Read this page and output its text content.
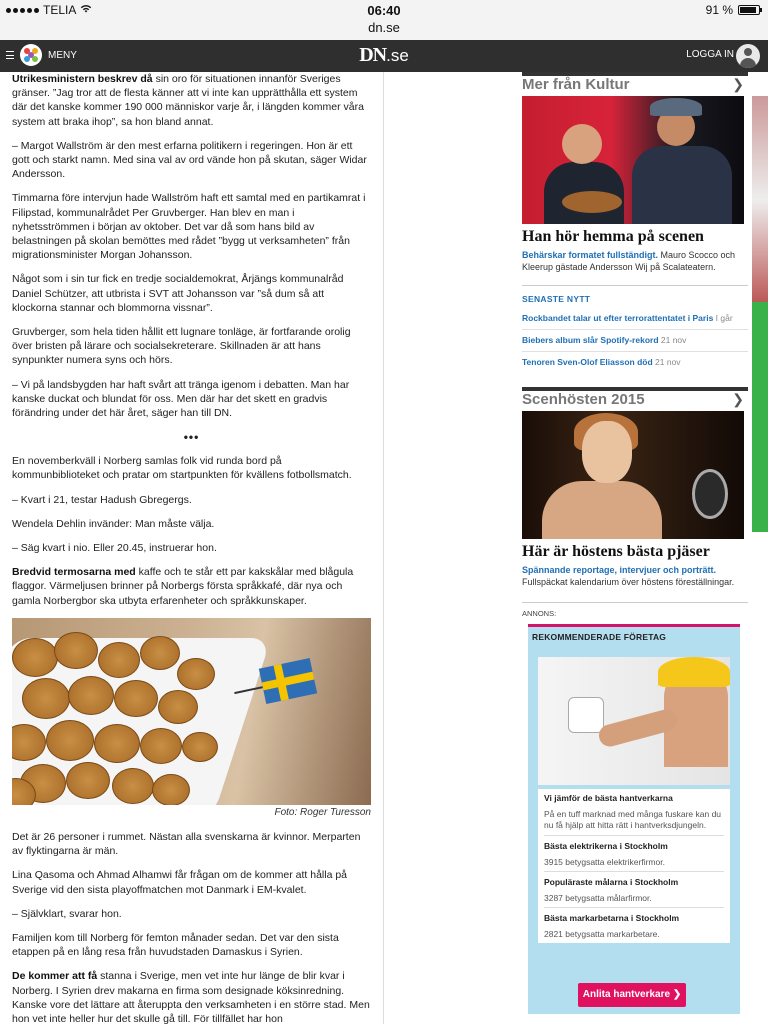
TELIA	06:40
dn.se
91 %
MENY	DN.se	LOGGA IN

Utrikesministern beskrev då sin oro för situationen innanför Sveriges gränser. ”Jag tror att de flesta känner att vi inte kan upprätthålla ett system där det kanske kommer 190 000 människor varje år, i längden kommer våra system att braka ihop”, sa hon bland annat.

– Margot Wallström är den mest erfarna politikern i regeringen. Hon är ett gott och starkt namn. Med sina val av ord vände hon på skutan, säger Widar Andersson.

Timmarna före intervjun hade Wallström haft ett samtal med en partikamrat i Filipstad, kommunalrådet Per Gruvberger. Han blev en man i nyhetsströmmen i början av oktober. Det var då som hans bild av belastningen på skolan bemöttes med rådet ”bygg ut verksamheten” från migrationsminister Morgan Johansson.

Något som i sin tur fick en tredje socialdemokrat, Årjängs kommunalråd Daniel Schützer, att utbrista i SVT att Johansson var ”så dum så att klockorna stannar och blommorna vissnar”.

Gruvberger, som hela tiden hållit ett lugnare tonläge, är fortfarande orolig över bristen på lärare och socialsekreterare. Skillnaden är att hans synpunkter numera syns och hörs.

– Vi på landsbygden har haft svårt att tränga igenom i debatten. Man har kanske duckat och blundat för oss. Men där har det skett en gradvis förändring under det här året, säger han till DN.

•••

En novemberkväll i Norberg samlas folk vid runda bord på kommunbiblioteket och pratar om startpunkten för kvällens fotbollsmatch.

– Kvart i 21, testar Hadush Gbregergs.

Wendela Dehlin invänder: Man måste välja.

– Säg kvart i nio. Eller 20.45, instruerar hon.

Bredvid termosarna med kaffe och te står ett par kakskålar med blågula flaggor. Värmeljusen brinner på Norbergs första språkkafé, där nya och gamla Norbergbor ska utbyta erfarenheter och språkkunskaper.

Foto: Roger Turesson

Det är 26 personer i rummet. Nästan alla svenskarna är kvinnor. Merparten av flyktingarna är män.

Lina Qasoma och Ahmad Alhamwi får frågan om de kommer att hålla på Sverige vid den sista playoffmatchen mot Danmark i EM-kvalet.

– Självklart, svarar hon.

Familjen kom till Norberg för femton månader sedan. Det var den sista etappen på en lång resa från huvudstaden Damaskus i Syrien.

De kommer att få stanna i Sverige, men vet inte hur länge de blir kvar i Norberg. I Syrien drev makarna en firma som designade köksinredning. Kanske vore det lättare att återuppta den verksamheten i en större stad. Men hon vet inte heller hur det skulle gå till. För tillfället har hon

Mer från Kultur	❯
Han hör hemma på scenen
Behärskar formatet fullständigt. Mauro Scocco och Kleerup gästade Andersson Wij på Scalateatern.
SENASTE NYTT
Rockbandet talar ut efter terrorattentatet i Paris I går
Biebers album slår Spotify-rekord 21 nov
Tenoren Sven-Olof Eliasson död 21 nov
Scenhösten 2015	❯
Här är höstens bästa pjäser
Spännande reportage, intervjuer och porträtt.
Fullspäckat kalendarium över höstens föreställningar.
ANNONS:
REKOMMENDERADE FÖRETAG
Vi jämför de bästa hantverkarna
På en tuff marknad med många fuskare kan du nu få hjälp att hitta rätt i hantverksdjungeln.
Bästa elektrikerna i Stockholm
3915 betygsatta elektrikerfirmor.
Populäraste målarna i Stockholm
3287 betygsatta målarfirmor.
Bästa markarbetarna i Stockholm
2821 betygsatta markarbetare.
Anlita hantverkare ❯
